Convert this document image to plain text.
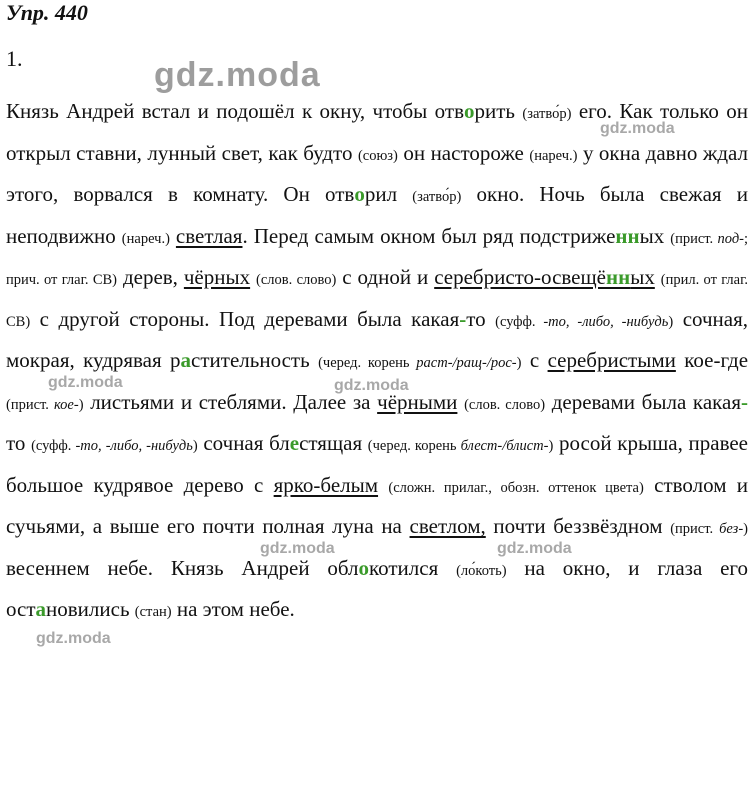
Упр. 440
1.	gdz.moda
Князь Андрей встал и подошёл к окну, чтобы отворить (затво́р) его. Как только он открыл ставни, лунный свет, как будто (союз) он настороже (нареч.) у окна давно ждал этого, ворвался в комнату. Он отворил (затво́р) окно. Ночь была свежая и неподвижно (нареч.) светлая. Перед самым окном был ряд подстриженных (прист. под-; прич. от глаг. СВ) дерев, чёрных (слов. слово) с одной и серебристо-освещённых (прил. от глаг. СВ) с другой стороны. Под деревами была какая-то (суфф. -то, -либо, -нибудь) сочная, мокрая, кудрявая растительность (черед. корень раст-/ращ-/рос-) с серебристыми кое-где (прист. кое-) листьями и стеблями. Далее за чёрными (слов. слово) деревами была какая-то (суфф. -то, -либо, -нибудь) сочная блестящая (черед. корень блест-/блист-) росой крыша, правее большое кудрявое дерево с ярко-белым (сложн. прилаг., обозн. оттенок цвета) стволом и сучьями, а выше его почти полная луна на светлом, почти беззвёздном (прист. без-) весеннем небе. Князь Андрей облокотился (ло́коть) на окно, и глаза его остановились (стан) на этом небе.
gdz.moda
gdz.moda	gdz.moda
gdz.moda	gdz.moda
gdz.moda
